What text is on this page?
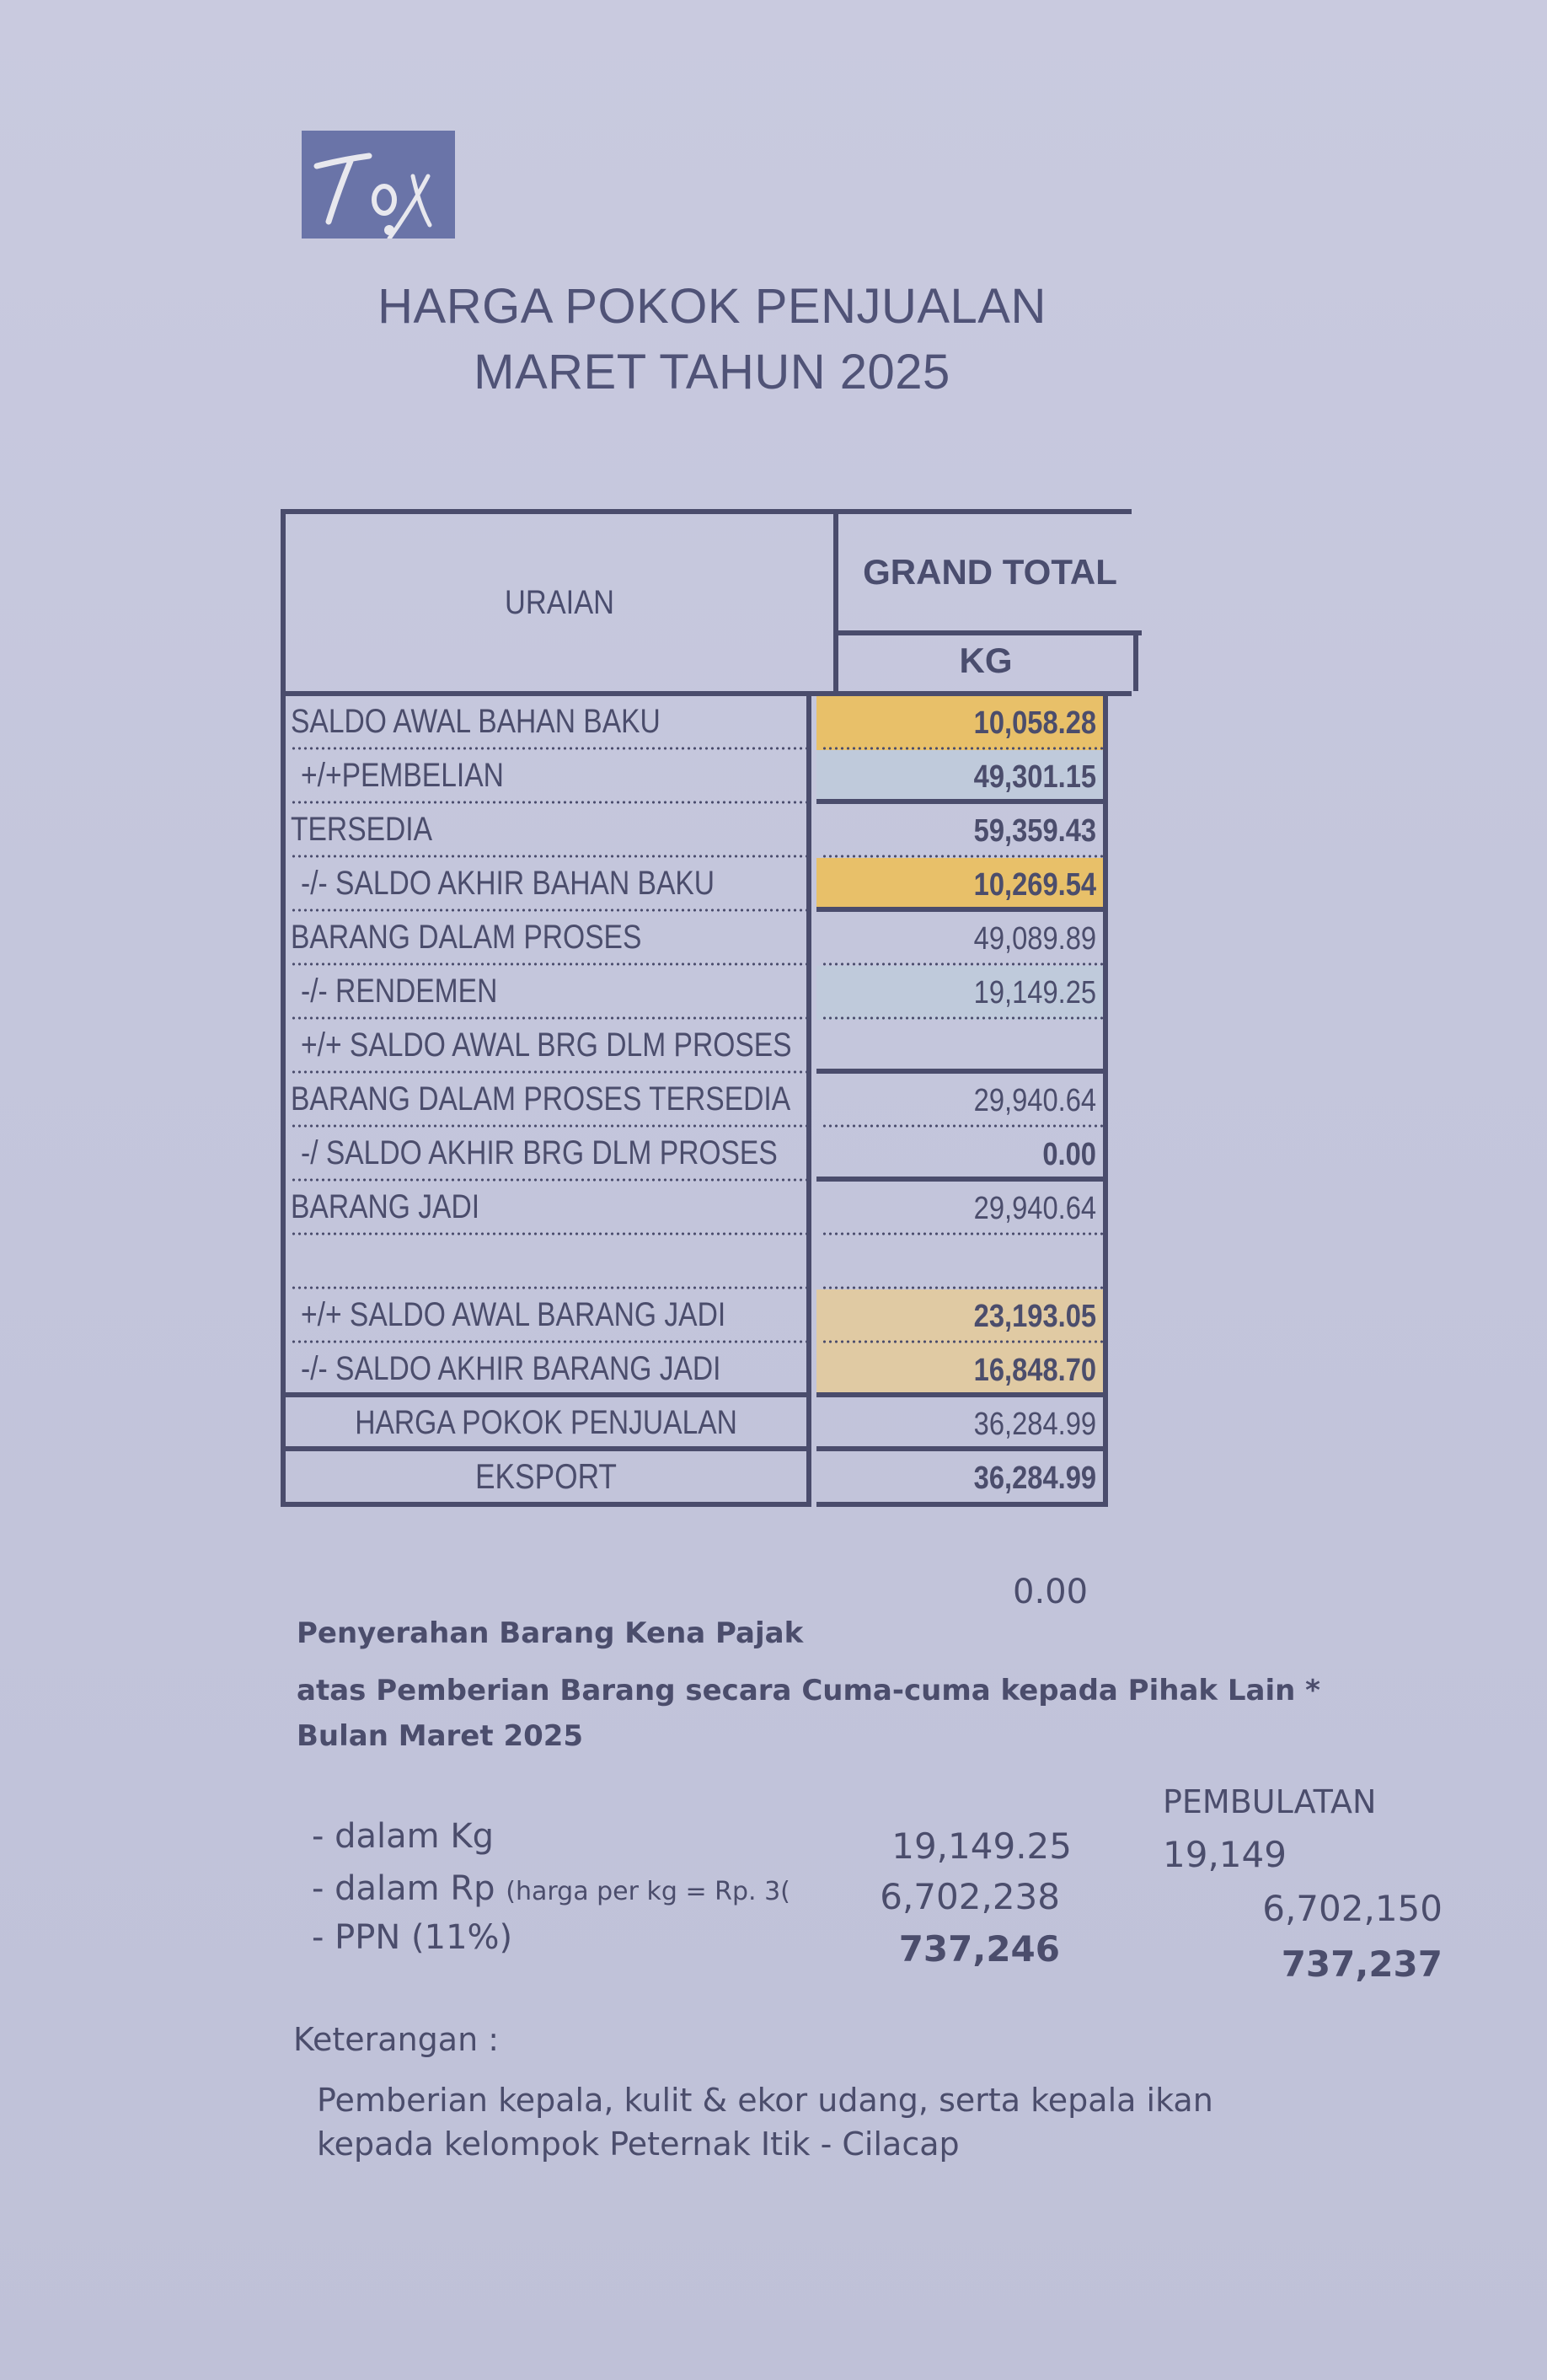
HARGA POKOK PENJUALAN
MARET TAHUN 2025
URAIAN
GRAND TOTAL
KG
SALDO AWAL BAHAN BAKU	10,058.28
+/+PEMBELIAN	49,301.15
TERSEDIA	59,359.43
-/- SALDO AKHIR BAHAN BAKU	10,269.54
BARANG DALAM PROSES	49,089.89
-/- RENDEMEN	19,149.25
+/+ SALDO AWAL BRG DLM PROSES
BARANG DALAM PROSES TERSEDIA	29,940.64
-/ SALDO AKHIR BRG DLM PROSES	0.00
BARANG JADI	29,940.64
+/+ SALDO AWAL BARANG JADI	23,193.05
-/- SALDO AKHIR BARANG JADI	16,848.70
HARGA POKOK PENJUALAN	36,284.99
EKSPORT	36,284.99
0.00
Penyerahan Barang Kena Pajak
atas Pemberian Barang secara Cuma-cuma kepada Pihak Lain *
Bulan Maret 2025
PEMBULATAN
- dalam Kg	19,149.25	19,149
- dalam Rp (harga per kg = Rp. 3(	6,702,238	6,702,150
- PPN (11%)	737,246	737,237
Keterangan :
Pemberian kepala, kulit & ekor udang, serta kepala ikan
kepada kelompok Peternak Itik - Cilacap
